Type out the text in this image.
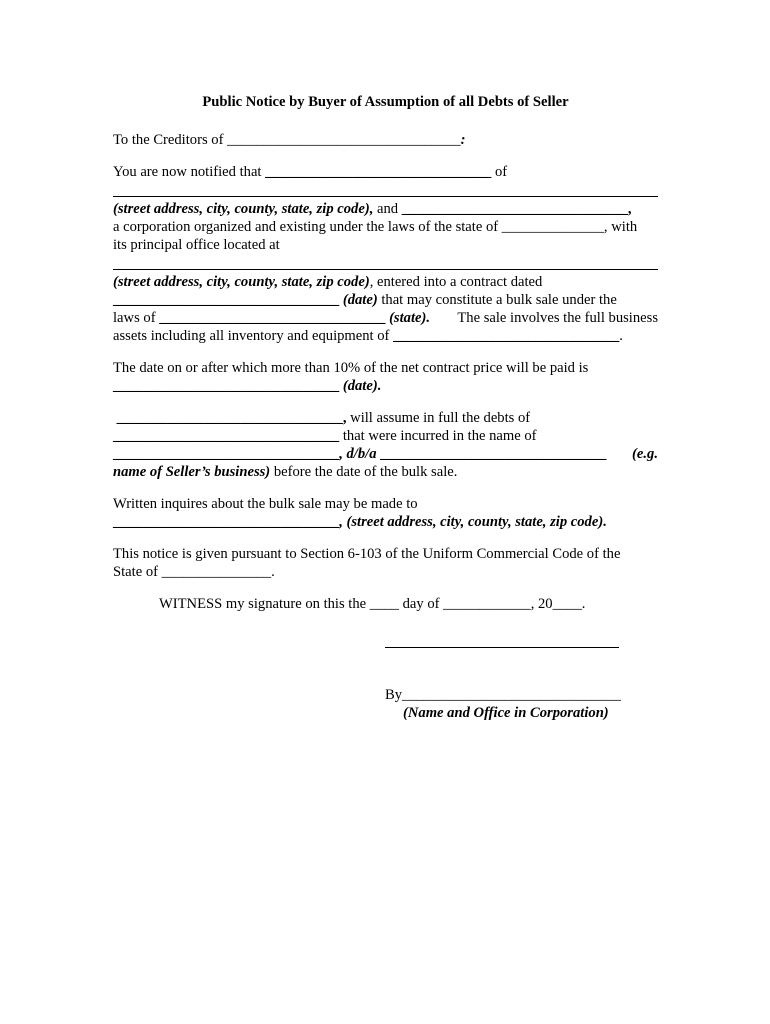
Public Notice by Buyer of Assumption of all Debts of Seller
To the Creditors of ________________________________:
You are now notified that _______________________________ of
(street address, city, county, state, zip code), and _______________________________,
a corporation organized and existing under the laws of the state of ______________, with
its principal office located at
(street address, city, county, state, zip code), entered into a contract dated
_______________________________ (date) that may constitute a bulk sale under the
laws of _______________________________ (state). The sale involves the full business
assets including all inventory and equipment of _______________________________.
The date on or after which more than 10% of the net contract price will be paid is
_______________________________ (date).
_______________________________, will assume in full the debts of
_______________________________ that were incurred in the name of
_______________________________, d/b/a _______________________________ (e.g.
name of Seller’s business) before the date of the bulk sale.
Written inquires about the bulk sale may be made to
_______________________________, (street address, city, county, state, zip code).
This notice is given pursuant to Section 6-103 of the Uniform Commercial Code of the
State of _______________.
WITNESS my signature on this the ____ day of ____________, 20____.
By______________________________
(Name and Office in Corporation)
